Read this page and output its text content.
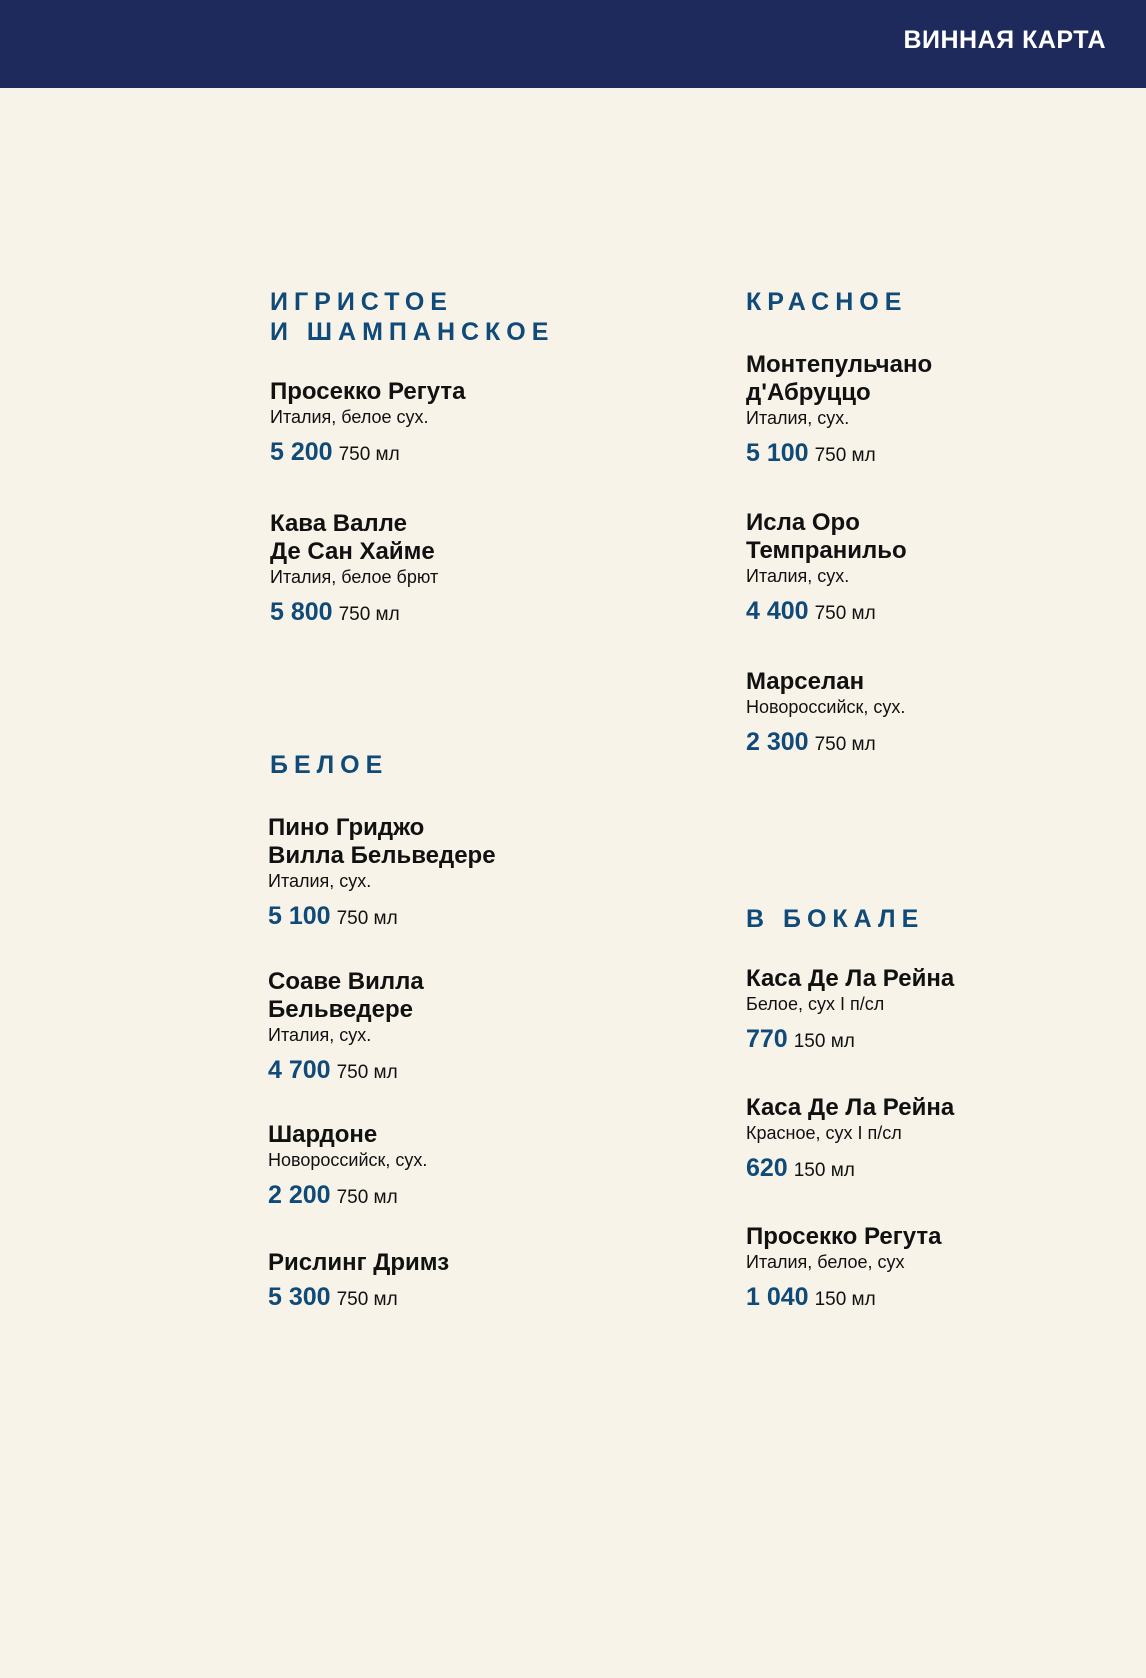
ВИННАЯ КАРТА

ИГРИСТОЕ

И ШАМПАНСКОЕ

Просекко Регута

Италия, белое сух.

5 200 750 мл

Кава Валле

Де Сан Хайме

Италия, белое брют

5 800 750 мл

БЕЛОЕ

Пино Гриджо

Вилла Бельведере

Италия, сух.

5 100 750 мл

Соаве Вилла

Бельведере

Италия, сух.

4 700 750 мл

Шардоне

Новороссийск, сух.

2 200 750 мл

Рислинг Дримз

5 300 750 мл

КРАСНОЕ

Монтепульчано

д'Абруццо

Италия, сух.

5 100 750 мл

Исла Оро

Темпранильо

Италия, сух.

4 400 750 мл

Марселан

Новороссийск, сух.

2 300 750 мл

В БОКАЛЕ

Каса Де Ла Рейна

Белое, сух I п/сл

770 150 мл

Каса Де Ла Рейна

Красное, сух I п/сл

620 150 мл

Просекко Регута

Италия, белое, сух

1 040 150 мл
